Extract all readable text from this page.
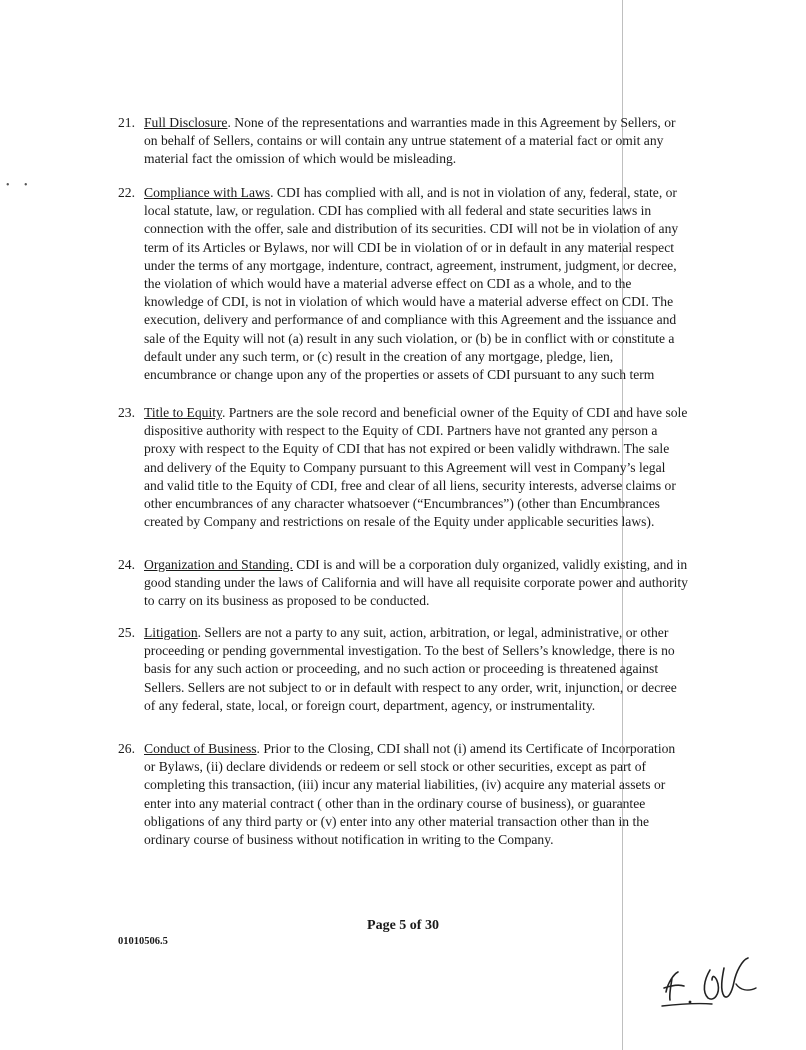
• •
21. Full Disclosure. None of the representations and warranties made in this Agreement by Sellers, or on behalf of Sellers, contains or will contain any untrue statement of a material fact or omit any material fact the omission of which would be misleading.
22. Compliance with Laws. CDI has complied with all, and is not in violation of any, federal, state, or local statute, law, or regulation. CDI has complied with all federal and state securities laws in connection with the offer, sale and distribution of its securities. CDI will not be in violation of any term of its Articles or Bylaws, nor will CDI be in violation of or in default in any material respect under the terms of any mortgage, indenture, contract, agreement, instrument, judgment, or decree, the violation of which would have a material adverse effect on CDI as a whole, and to the knowledge of CDI, is not in violation of which would have a material adverse effect on CDI. The execution, delivery and performance of and compliance with this Agreement and the issuance and sale of the Equity will not (a) result in any such violation, or (b) be in conflict with or constitute a default under any such term, or (c) result in the creation of any mortgage, pledge, lien, encumbrance or change upon any of the properties or assets of CDI pursuant to any such term
23. Title to Equity. Partners are the sole record and beneficial owner of the Equity of CDI and have sole dispositive authority with respect to the Equity of CDI. Partners have not granted any person a proxy with respect to the Equity of CDI that has not expired or been validly withdrawn. The sale and delivery of the Equity to Company pursuant to this Agreement will vest in Company’s legal and valid title to the Equity of CDI, free and clear of all liens, security interests, adverse claims or other encumbrances of any character whatsoever (“Encumbrances”) (other than Encumbrances created by Company and restrictions on resale of the Equity under applicable securities laws).
24. Organization and Standing. CDI is and will be a corporation duly organized, validly existing, and in good standing under the laws of California and will have all requisite corporate power and authority to carry on its business as proposed to be conducted.
25. Litigation. Sellers are not a party to any suit, action, arbitration, or legal, administrative, or other proceeding or pending governmental investigation. To the best of Sellers’s knowledge, there is no basis for any such action or proceeding, and no such action or proceeding is threatened against Sellers. Sellers are not subject to or in default with respect to any order, writ, injunction, or decree of any federal, state, local, or foreign court, department, agency, or instrumentality.
26. Conduct of Business. Prior to the Closing, CDI shall not (i) amend its Certificate of Incorporation or Bylaws, (ii) declare dividends or redeem or sell stock or other securities, except as part of completing this transaction, (iii) incur any material liabilities, (iv) acquire any material assets or enter into any material contract ( other than in the ordinary course of business), or guarantee obligations of any third party or (v) enter into any other material transaction other than in the ordinary course of business without notification in writing to the Company.
Page 5 of 30
01010506.5
